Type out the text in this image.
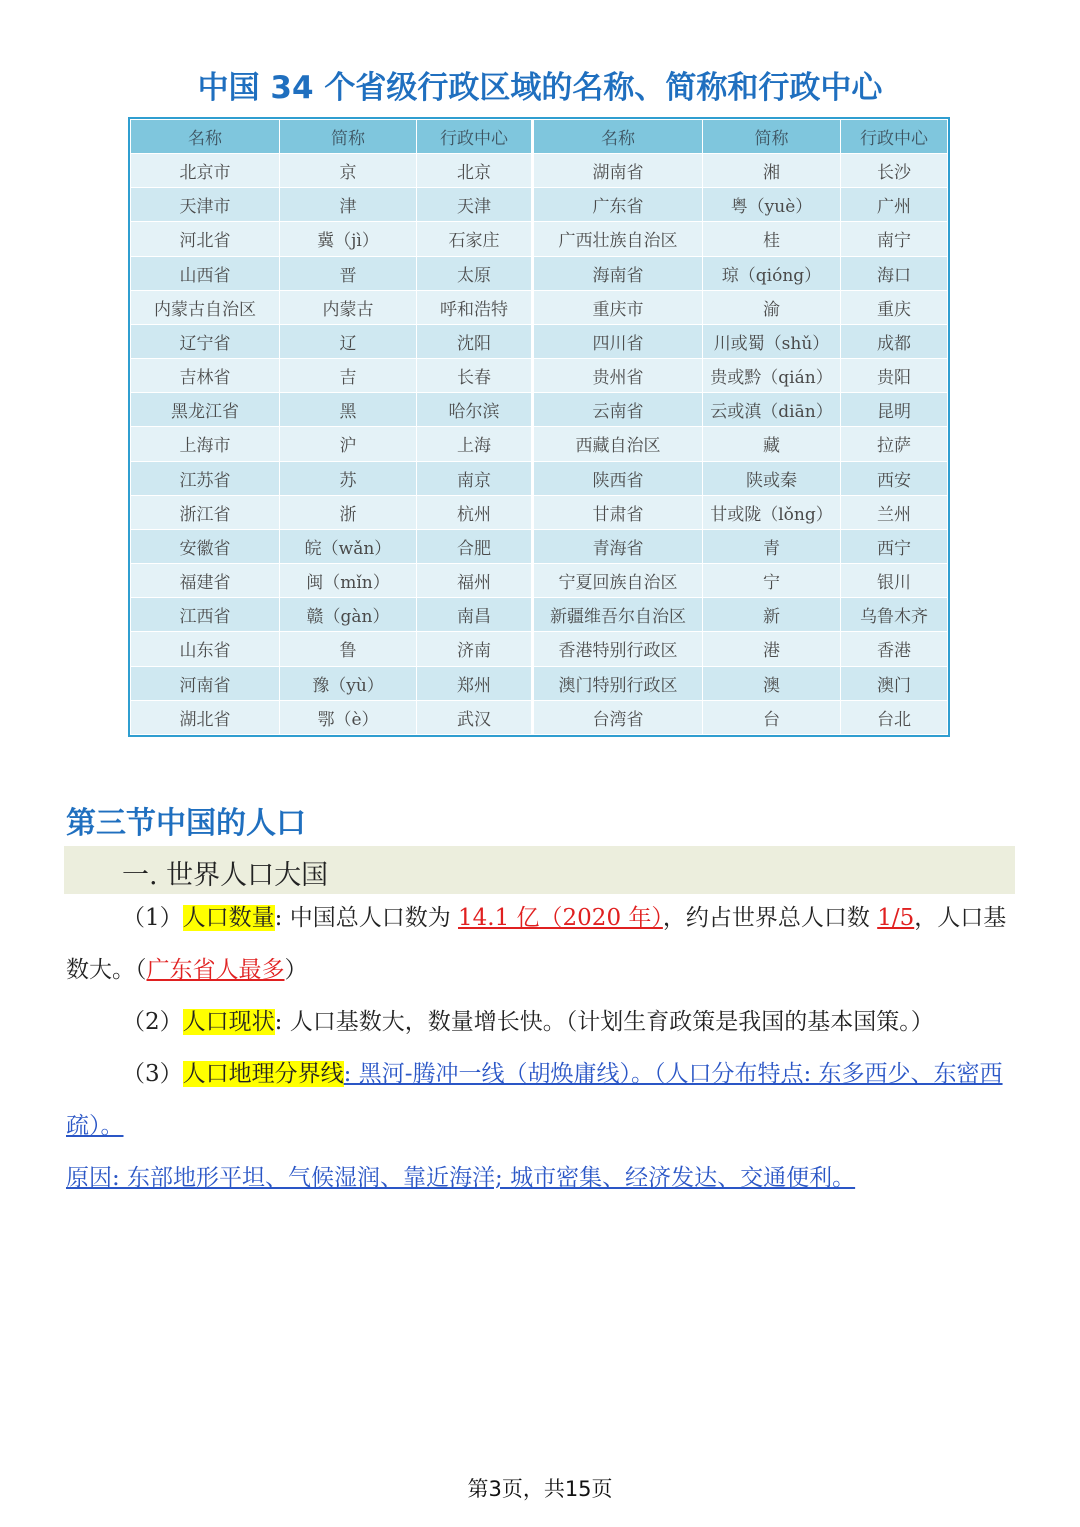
中国 34 个省级行政区域的名称、简称和行政中心
名称	简称	行政中心	名称	简称	行政中心
北京市	京	北京	湖南省	湘	长沙
天津市	津	天津	广东省	粤（yuè）	广州
河北省	冀（jì）	石家庄	广西壮族自治区	桂	南宁
山西省	晋	太原	海南省	琼（qióng）	海口
内蒙古自治区	内蒙古	呼和浩特	重庆市	渝	重庆
辽宁省	辽	沈阳	四川省	川或蜀（shǔ）	成都
吉林省	吉	长春	贵州省	贵或黔（qián）	贵阳
黑龙江省	黑	哈尔滨	云南省	云或滇（diān）	昆明
上海市	沪	上海	西藏自治区	藏	拉萨
江苏省	苏	南京	陕西省	陕或秦	西安
浙江省	浙	杭州	甘肃省	甘或陇（lǒng）	兰州
安徽省	皖（wǎn）	合肥	青海省	青	西宁
福建省	闽（mǐn）	福州	宁夏回族自治区	宁	银川
江西省	赣（gàn）	南昌	新疆维吾尔自治区	新	乌鲁木齐
山东省	鲁	济南	香港特别行政区	港	香港
河南省	豫（yù）	郑州	澳门特别行政区	澳	澳门
湖北省	鄂（è）	武汉	台湾省	台	台北
第三节中国的人口
一. 世界人口大国
（1）人口数量: 中国总人口数为 14.1 亿（2020 年），约占世界总人口数 1/5，人口基数大。（广东省人最多）
（2）人口现状: 人口基数大，数量增长快。（计划生育政策是我国的基本国策。）
（3）人口地理分界线: 黑河-腾冲一线（胡焕庸线）。（人口分布特点: 东多西少、东密西疏）。
原因: 东部地形平坦、气候湿润、靠近海洋; 城市密集、经济发达、交通便利。
第3页，共15页
